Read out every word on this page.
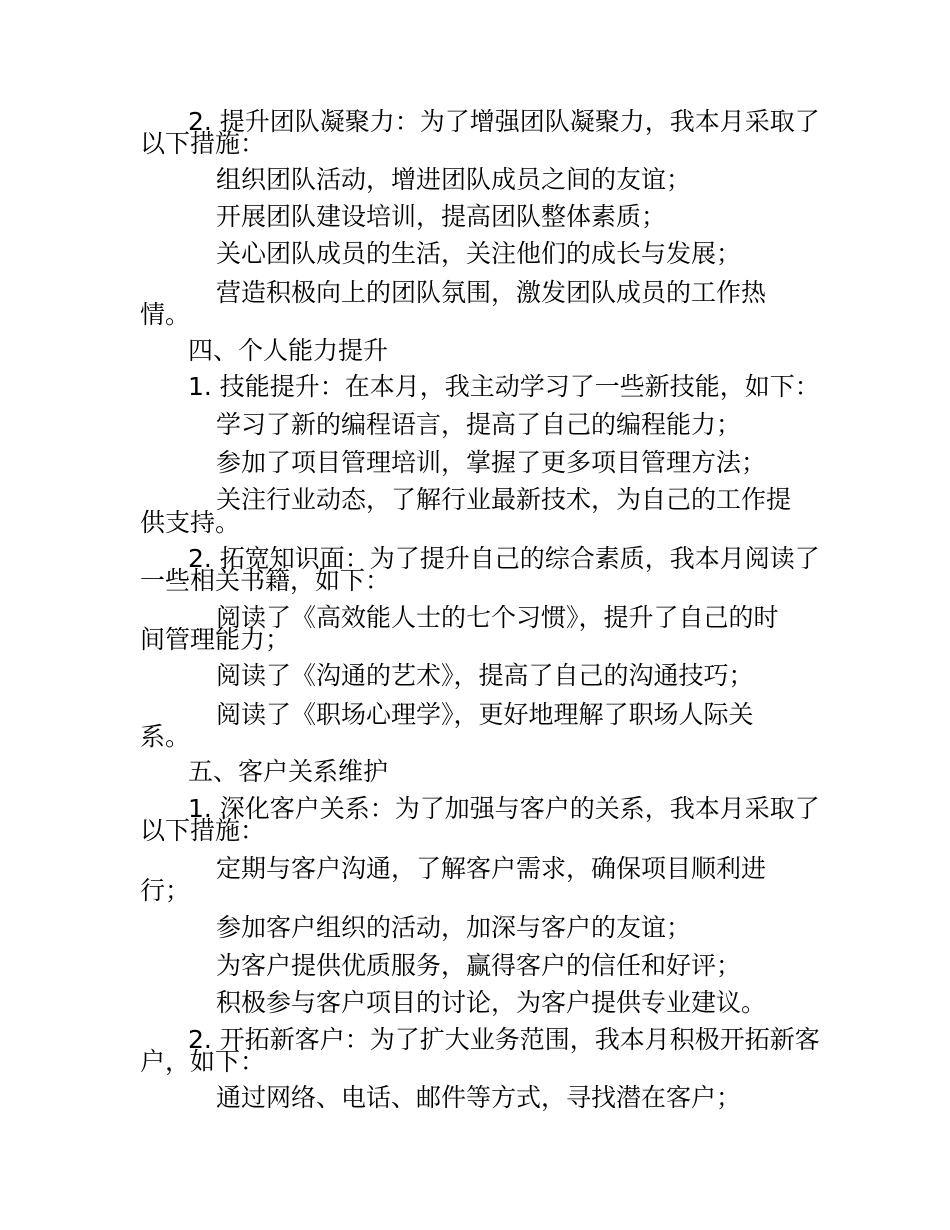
2. 提升团队凝聚力：为了增强团队凝聚力，我本月采取了
以下措施：
组织团队活动，增进团队成员之间的友谊；
开展团队建设培训，提高团队整体素质；
关心团队成员的生活，关注他们的成长与发展；
营造积极向上的团队氛围，激发团队成员的工作热
情。
四、个人能力提升
1. 技能提升：在本月，我主动学习了一些新技能，如下：
学习了新的编程语言，提高了自己的编程能力；
参加了项目管理培训，掌握了更多项目管理方法；
关注行业动态，了解行业最新技术，为自己的工作提
供支持。
2. 拓宽知识面：为了提升自己的综合素质，我本月阅读了
一些相关书籍，如下：
阅读了《高效能人士的七个习惯》，提升了自己的时
间管理能力；
阅读了《沟通的艺术》，提高了自己的沟通技巧；
阅读了《职场心理学》，更好地理解了职场人际关
系。
五、客户关系维护
1. 深化客户关系：为了加强与客户的关系，我本月采取了
以下措施：
定期与客户沟通，了解客户需求，确保项目顺利进
行；
参加客户组织的活动，加深与客户的友谊；
为客户提供优质服务，赢得客户的信任和好评；
积极参与客户项目的讨论，为客户提供专业建议。
2. 开拓新客户：为了扩大业务范围，我本月积极开拓新客
户，如下：
通过网络、电话、邮件等方式，寻找潜在客户；
